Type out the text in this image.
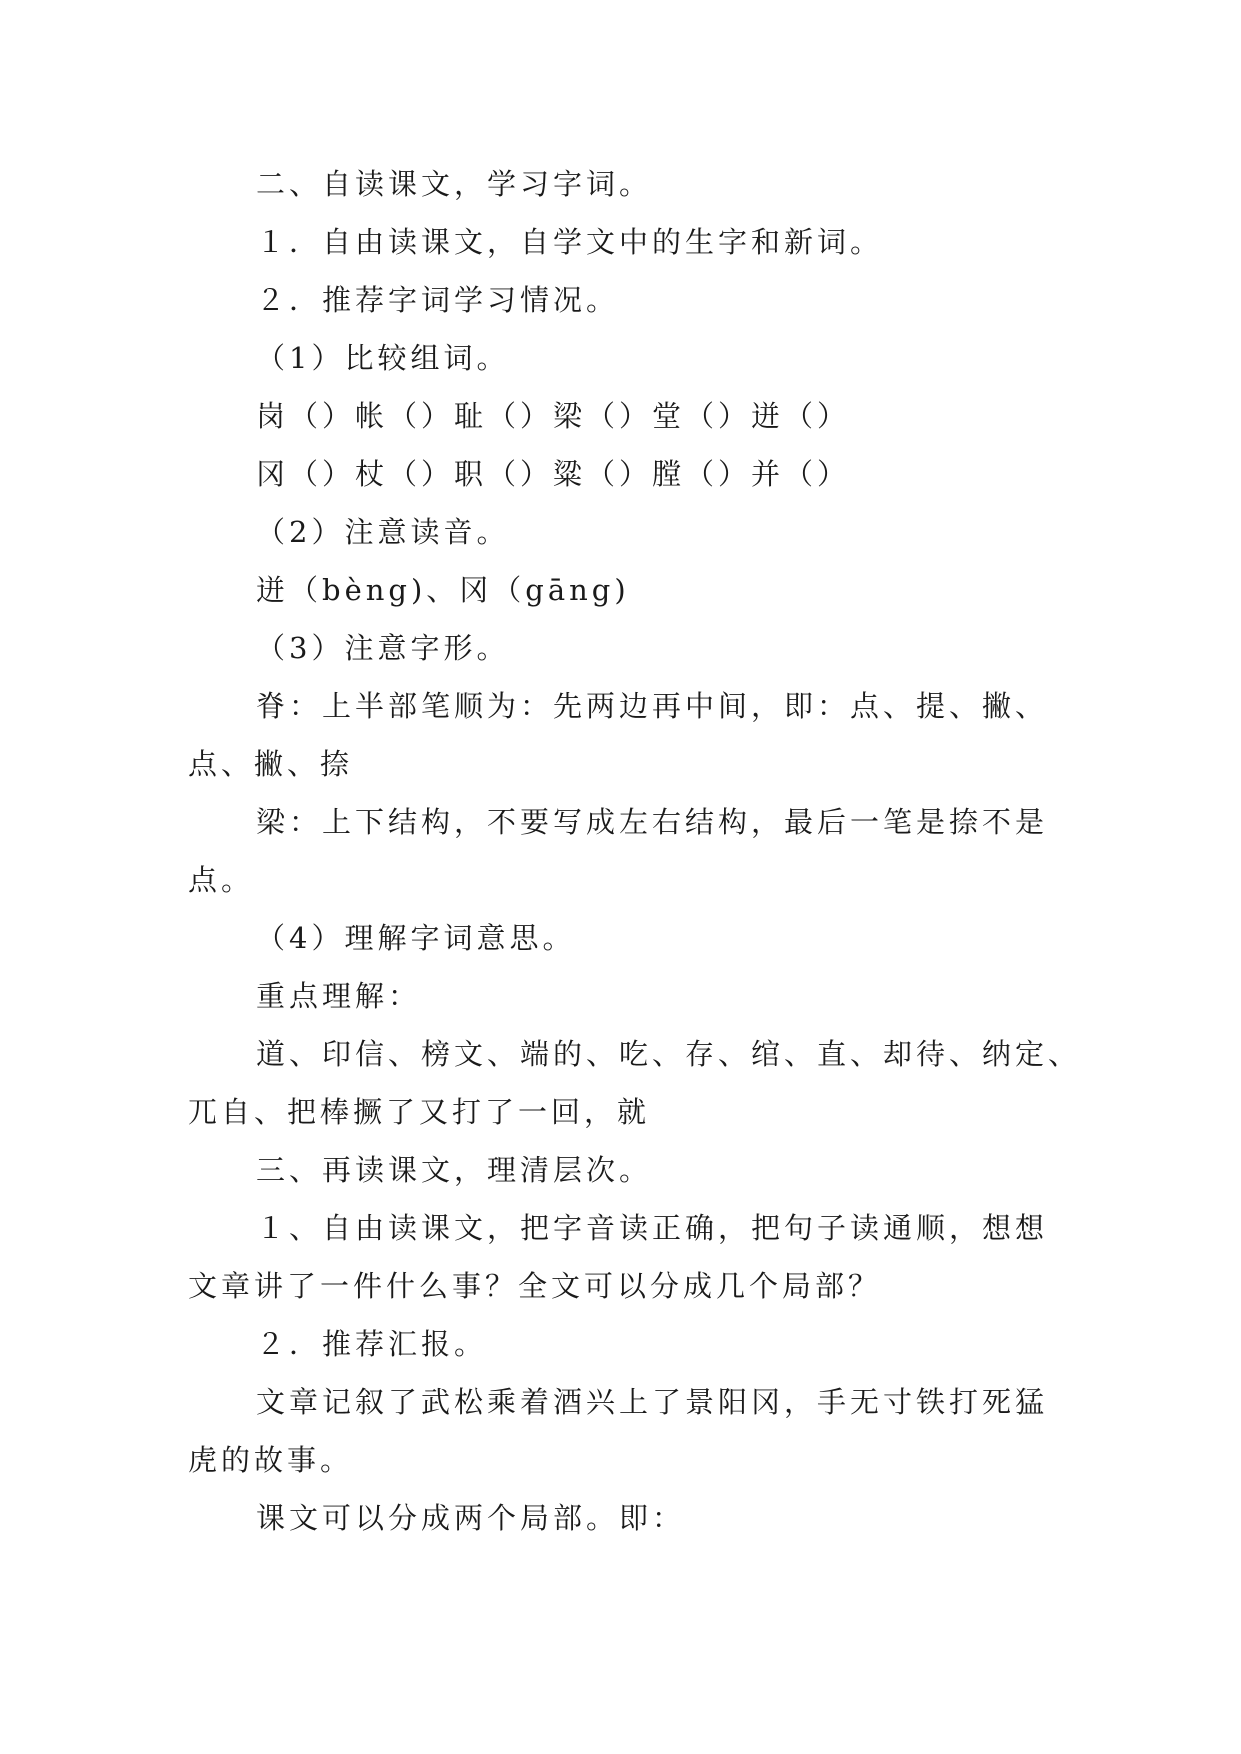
二、自读课文，学习字词。
１．自由读课文，自学文中的生字和新词。
２．推荐字词学习情况。
（1）比较组词。
岗（）帐（）耻（）梁（）堂（）迸（）
冈（）杖（）职（）粱（）膛（）并（）
（2）注意读音。
迸（bèng)、冈（gāng)
（3）注意字形。
脊：上半部笔顺为：先两边再中间，即：点、提、撇、
点、撇、捺
梁：上下结构，不要写成左右结构，最后一笔是捺不是
点。
（4）理解字词意思。
重点理解：
道、印信、榜文、端的、吃、存、绾、直、却待、纳定、
兀自、把棒撅了又打了一回，就
三、再读课文，理清层次。
１、自由读课文，把字音读正确，把句子读通顺，想想
文章讲了一件什么事？全文可以分成几个局部？
２．推荐汇报。
文章记叙了武松乘着酒兴上了景阳冈，手无寸铁打死猛
虎的故事。
课文可以分成两个局部。即：
